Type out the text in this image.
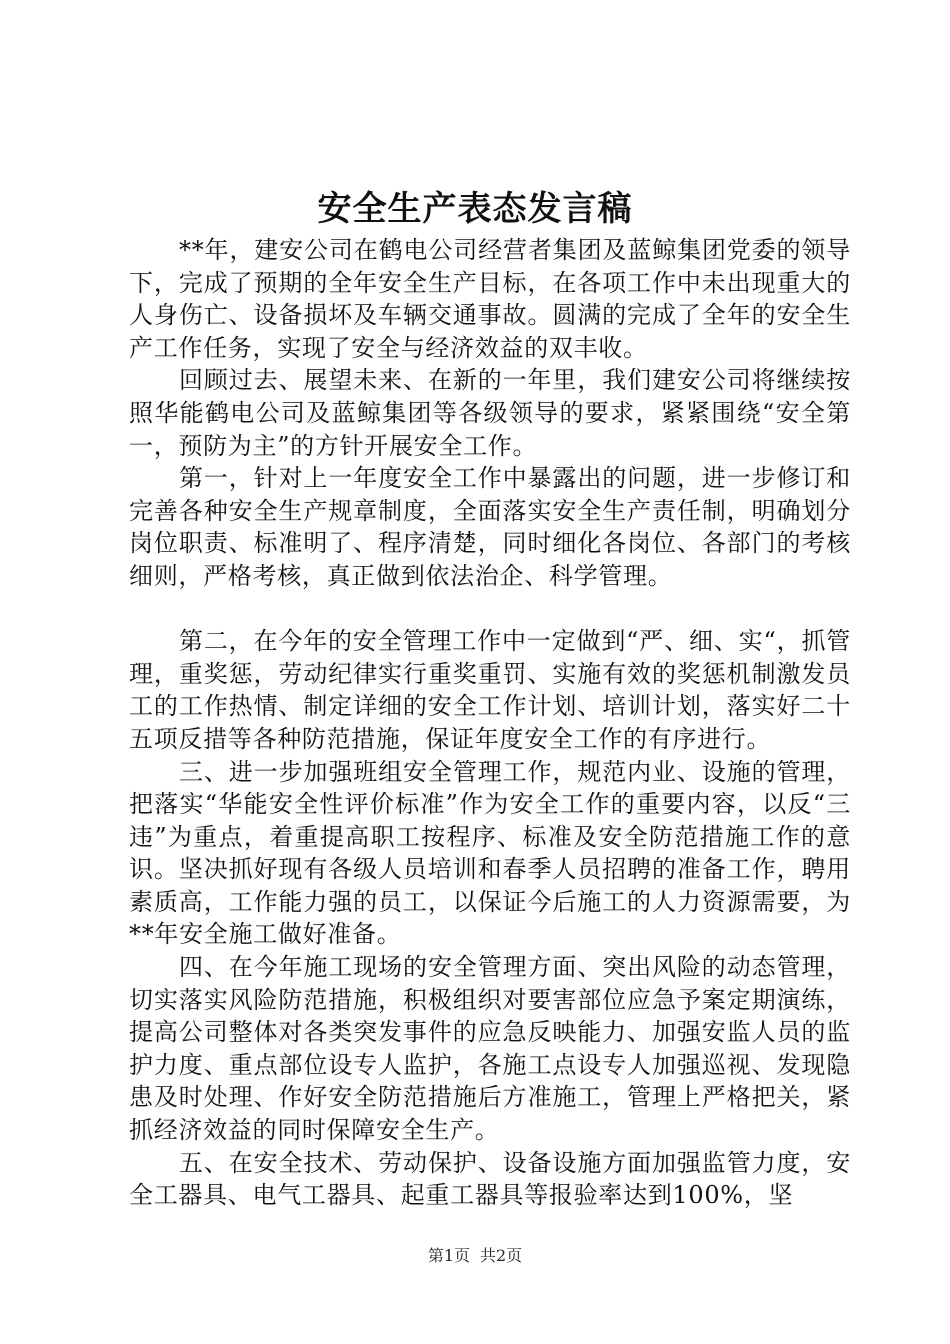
安全生产表态发言稿

**年，建安公司在鹤电公司经营者集团及蓝鲸集团党委的领导下，完成了预期的全年安全生产目标，在各项工作中未出现重大的人身伤亡、设备损坏及车辆交通事故。圆满的完成了全年的安全生产工作任务，实现了安全与经济效益的双丰收。

回顾过去、展望未来、在新的一年里，我们建安公司将继续按照华能鹤电公司及蓝鲸集团等各级领导的要求，紧紧围绕“安全第一，预防为主”的方针开展安全工作。

第一，针对上一年度安全工作中暴露出的问题，进一步修订和完善各种安全生产规章制度，全面落实安全生产责任制，明确划分岗位职责、标准明了、程序清楚，同时细化各岗位、各部门的考核细则，严格考核，真正做到依法治企、科学管理。

第二，在今年的安全管理工作中一定做到“严、细、实“，抓管理，重奖惩，劳动纪律实行重奖重罚、实施有效的奖惩机制激发员工的工作热情、制定详细的安全工作计划、培训计划，落实好二十五项反措等各种防范措施，保证年度安全工作的有序进行。

三、进一步加强班组安全管理工作，规范内业、设施的管理，把落实“华能安全性评价标准”作为安全工作的重要内容，以反“三违”为重点，着重提高职工按程序、标准及安全防范措施工作的意识。坚决抓好现有各级人员培训和春季人员招聘的准备工作，聘用素质高，工作能力强的员工，以保证今后施工的人力资源需要，为**年安全施工做好准备。

四、在今年施工现场的安全管理方面、突出风险的动态管理，切实落实风险防范措施，积极组织对要害部位应急予案定期演练，提高公司整体对各类突发事件的应急反映能力、加强安监人员的监护力度、重点部位设专人监护，各施工点设专人加强巡视、发现隐患及时处理、作好安全防范措施后方准施工，管理上严格把关，紧抓经济效益的同时保障安全生产。

五、在安全技术、劳动保护、设备设施方面加强监管力度，安全工器具、电气工器具、起重工器具等报验率达到100%，坚

第1页 共2页
